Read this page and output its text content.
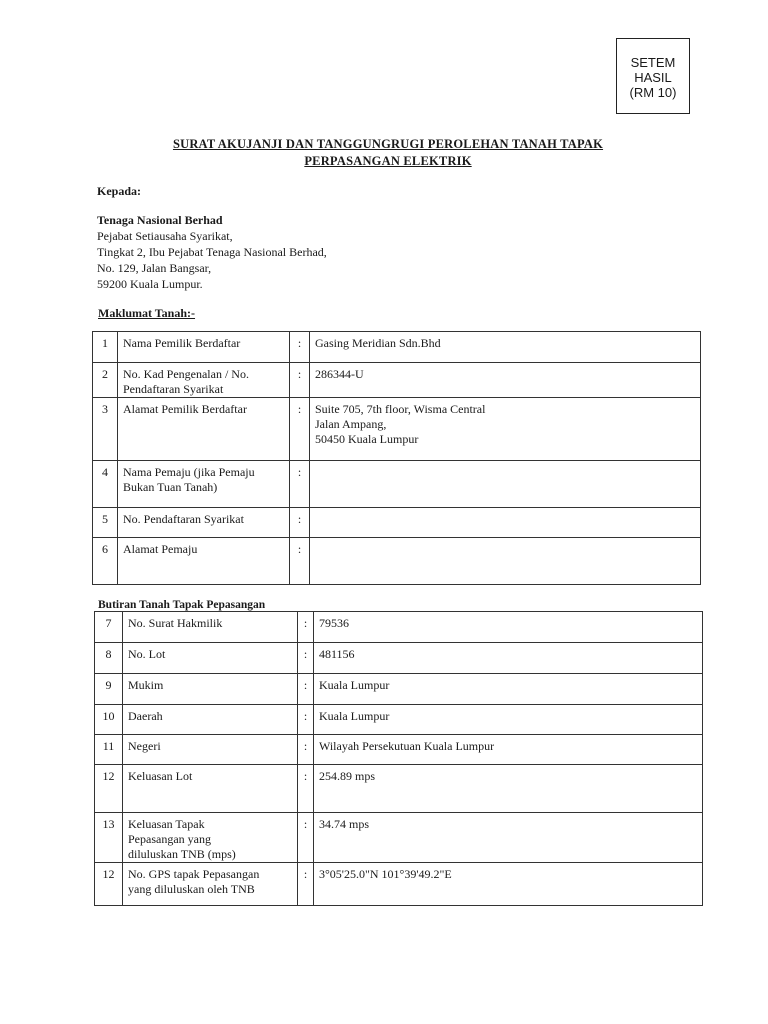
SETEM
HASIL
(RM 10)
SURAT AKUJANJI DAN TANGGUNGRUGI PEROLEHAN TANAH TAPAK
PERPASANGAN ELEKTRIK
Kepada:
Tenaga Nasional Berhad
Pejabat Setiausaha Syarikat,
Tingkat 2, Ibu Pejabat Tenaga Nasional Berhad,
No. 129, Jalan Bangsar,
59200 Kuala Lumpur.
Maklumat Tanah:-
1	Nama Pemilik Berdaftar	:	Gasing Meridian Sdn.Bhd

2	No. Kad Pengenalan / No.
Pendaftaran Syarikat	:	286344-U

3	Alamat Pemilik Berdaftar	:	Suite 705, 7th floor, Wisma Central
Jalan Ampang,
50450 Kuala Lumpur

4	Nama Pemaju (jika Pemaju
Bukan Tuan Tanah)	:	

5	No. Pendaftaran Syarikat	:	

6	Alamat Pemaju	:	
Butiran Tanah Tapak Pepasangan
7	No. Surat Hakmilik	:	79536

8	No. Lot	:	481156

9	Mukim	:	Kuala Lumpur

10	Daerah	:	Kuala Lumpur

11	Negeri	:	Wilayah Persekutuan Kuala Lumpur

12	Keluasan Lot	:	254.89 mps

13	Keluasan Tapak
Pepasangan yang
diluluskan TNB (mps)	:	34.74 mps

12	No. GPS tapak Pepasangan
yang diluluskan oleh TNB	:	3°05'25.0"N 101°39'49.2"E
